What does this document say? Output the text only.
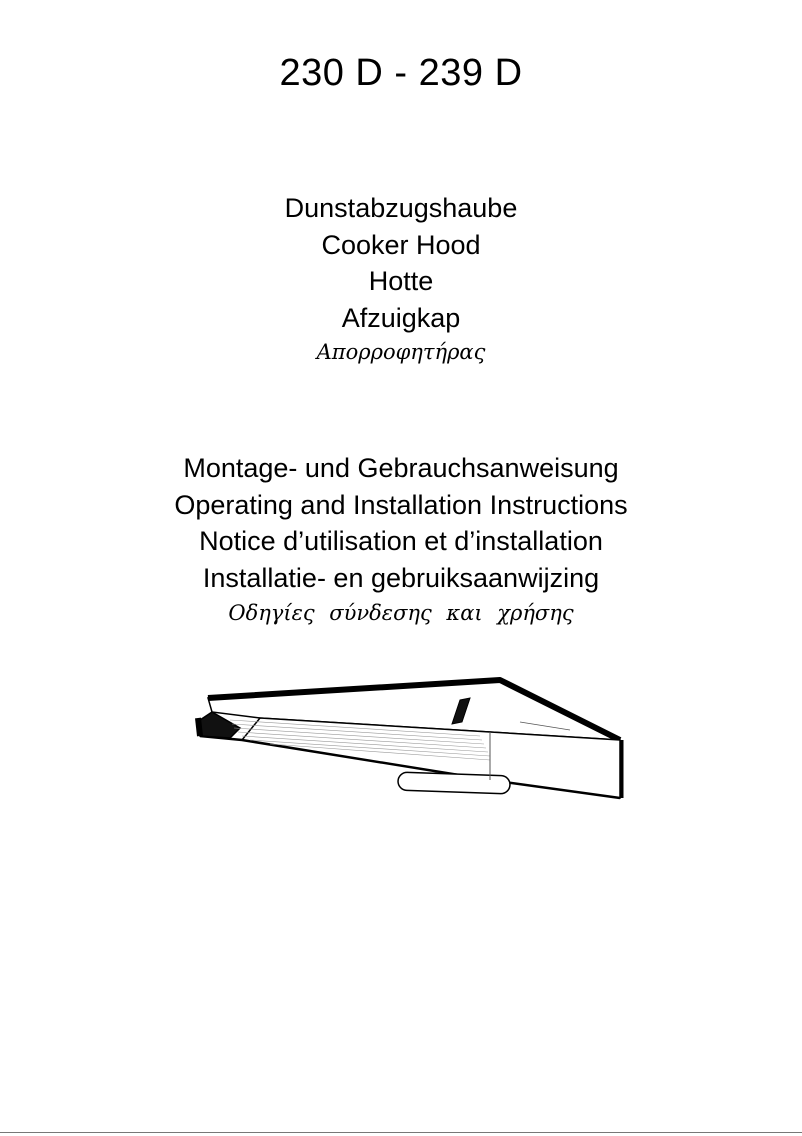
230 D - 239 D
Dunstabzugshaube
Cooker Hood
Hotte
Afzuigkap
Απορροφητήρας
Montage- und Gebrauchsanweisung
Operating and Installation Instructions
Notice d’utilisation et d’installation
Installatie- en gebruiksaanwijzing
Οδηγίες σύνδεσης και χρήσης
